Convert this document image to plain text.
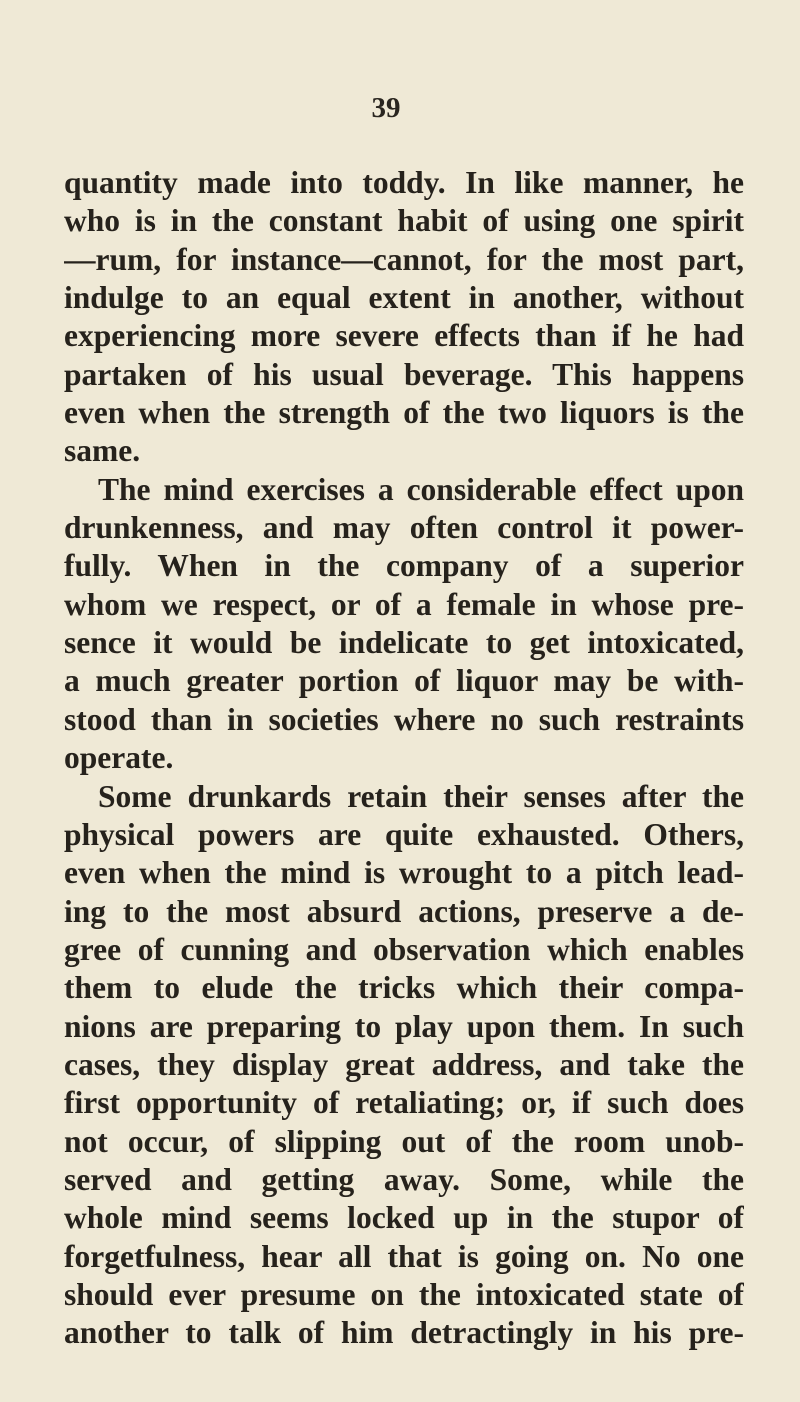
39

quantity made into toddy. In like manner, he
who is in the constant habit of using one spirit
—rum, for instance—cannot, for the most part,
indulge to an equal extent in another, without
experiencing more severe effects than if he had
partaken of his usual beverage. This happens
even when the strength of the two liquors is the
same.
The mind exercises a considerable effect upon
drunkenness, and may often control it power-
fully. When in the company of a superior
whom we respect, or of a female in whose pre-
sence it would be indelicate to get intoxicated,
a much greater portion of liquor may be with-
stood than in societies where no such restraints
operate.
Some drunkards retain their senses after the
physical powers are quite exhausted. Others,
even when the mind is wrought to a pitch lead-
ing to the most absurd actions, preserve a de-
gree of cunning and observation which enables
them to elude the tricks which their compa-
nions are preparing to play upon them. In such
cases, they display great address, and take the
first opportunity of retaliating; or, if such does
not occur, of slipping out of the room unob-
served and getting away. Some, while the
whole mind seems locked up in the stupor of
forgetfulness, hear all that is going on. No one
should ever presume on the intoxicated state of
another to talk of him detractingly in his pre-
